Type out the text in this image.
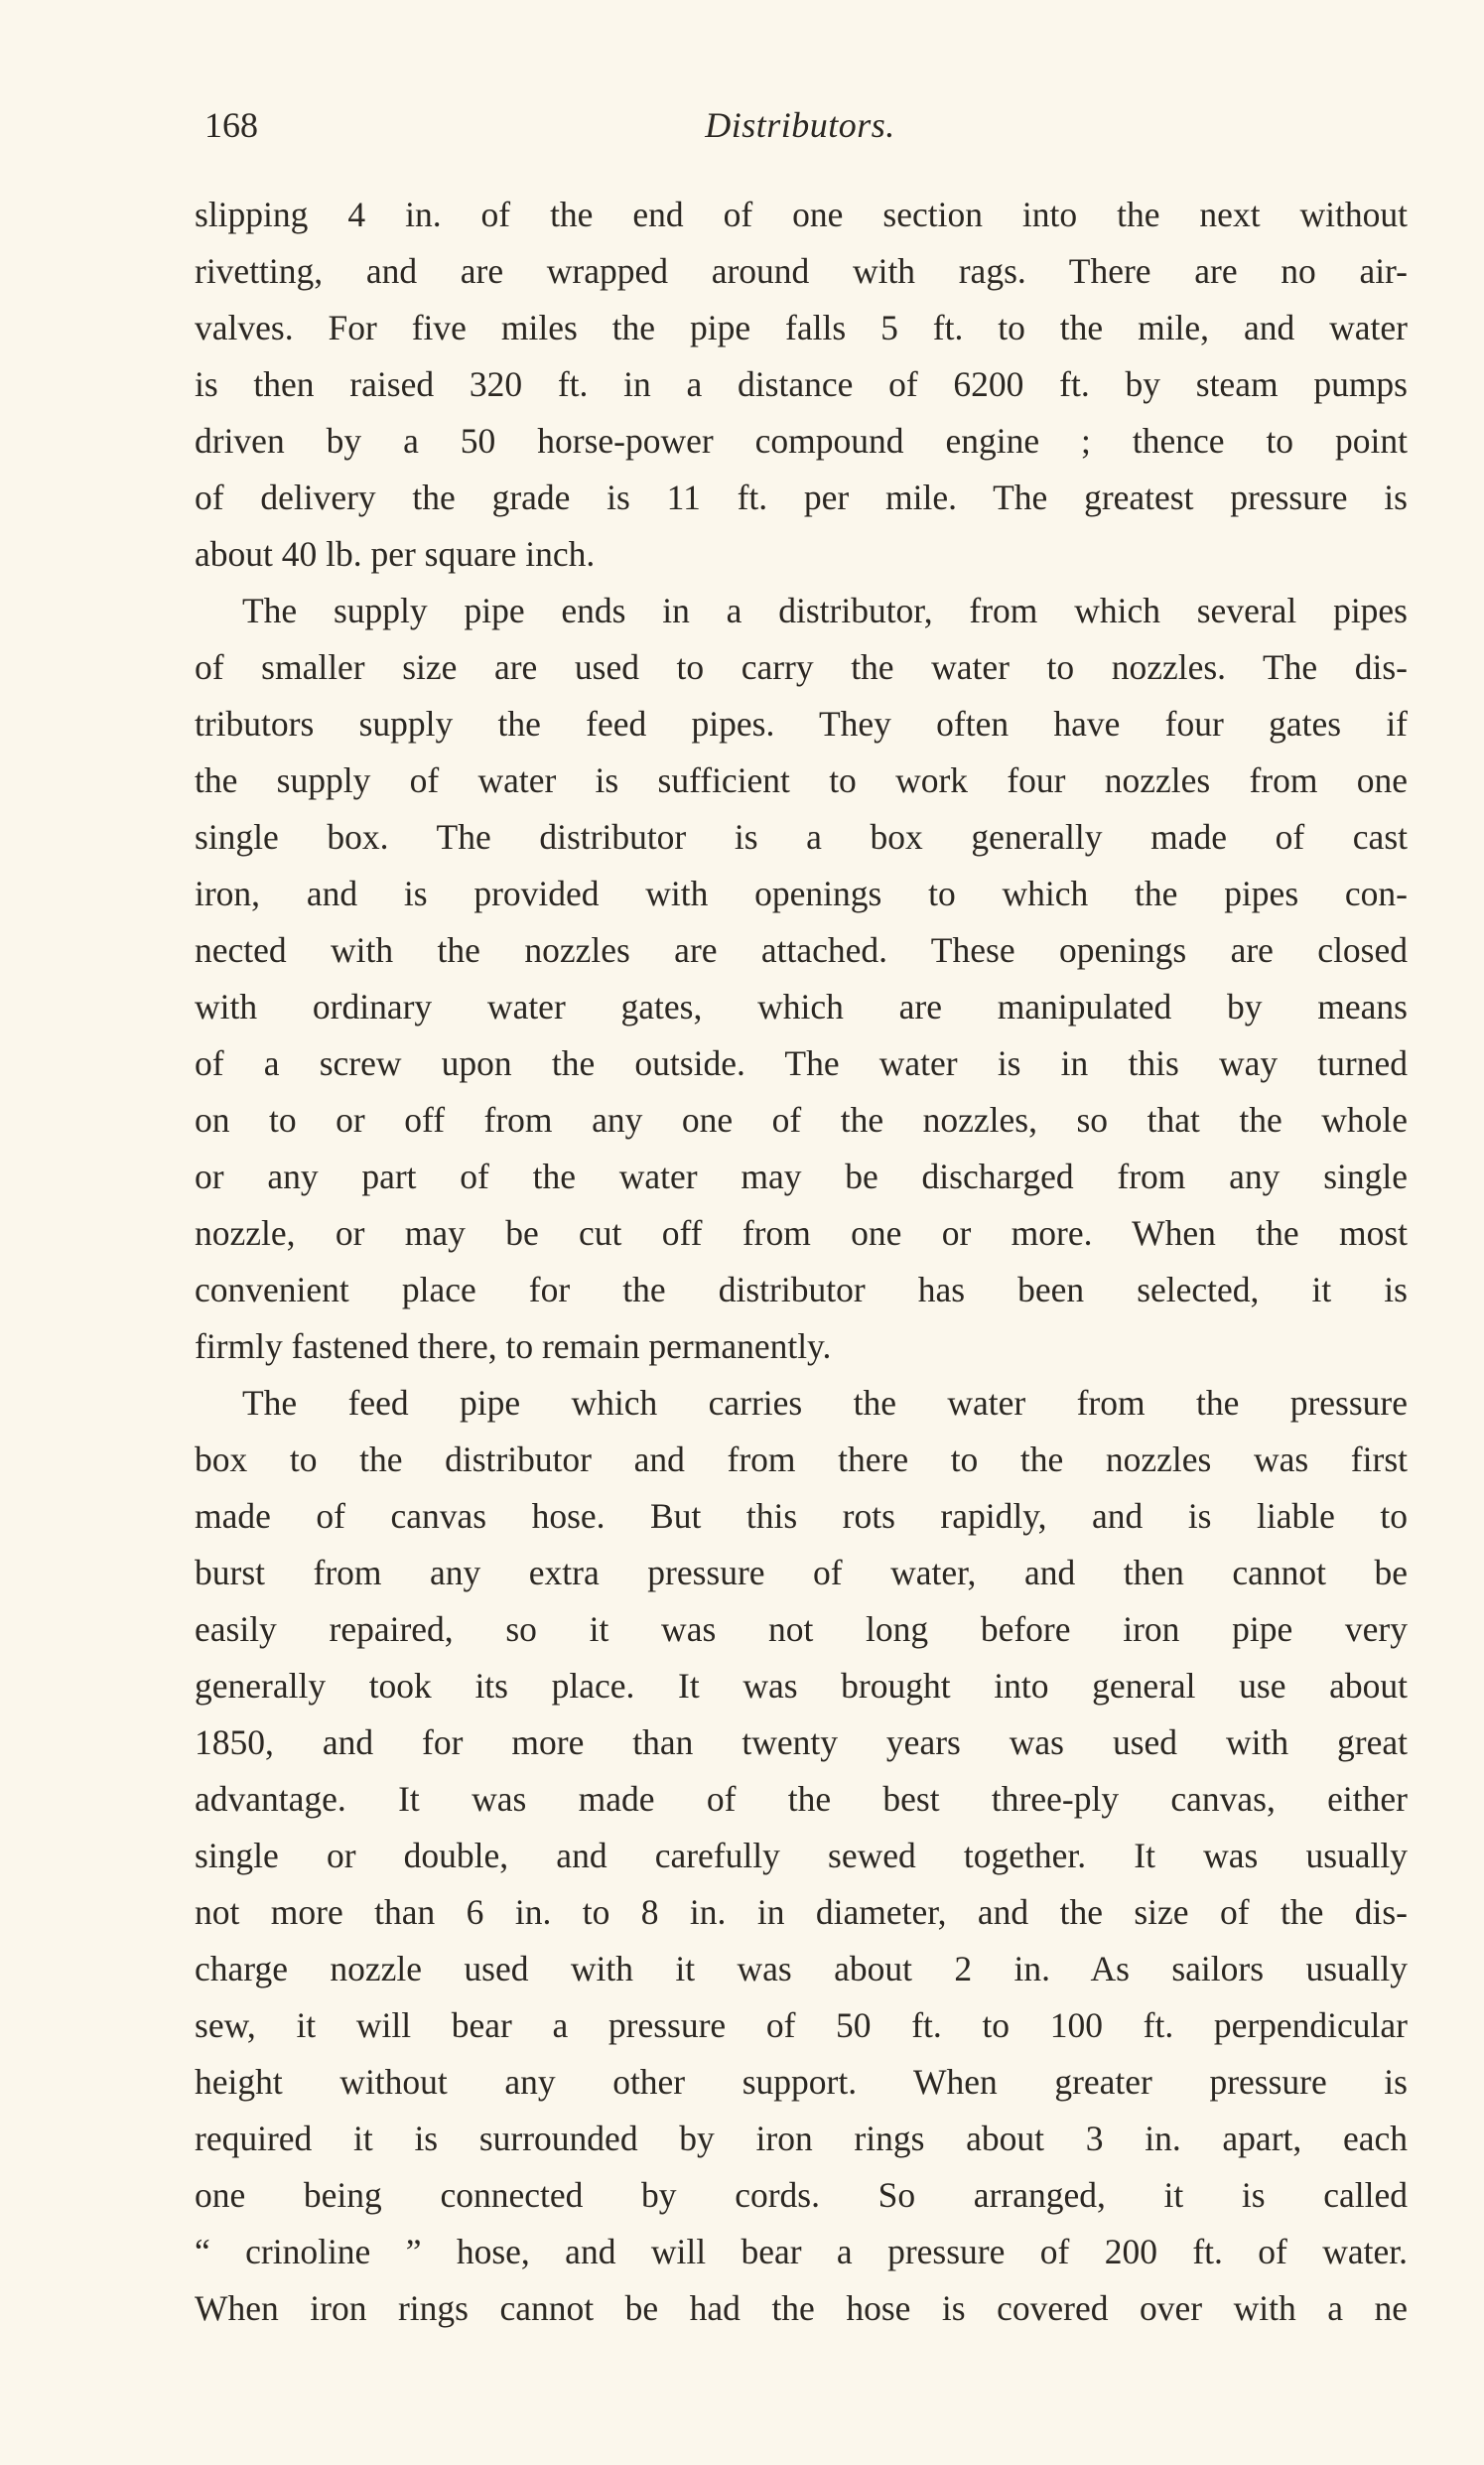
168	Distributors.
slipping 4 in. of the end of one section into the next without
rivetting, and are wrapped around with rags. There are no air-
valves. For five miles the pipe falls 5 ft. to the mile, and water
is then raised 320 ft. in a distance of 6200 ft. by steam pumps
driven by a 50 horse-power compound engine ; thence to point
of delivery the grade is 11 ft. per mile. The greatest pressure is
about 40 lb. per square inch.
The supply pipe ends in a distributor, from which several pipes
of smaller size are used to carry the water to nozzles. The dis-
tributors supply the feed pipes. They often have four gates if
the supply of water is sufficient to work four nozzles from one
single box. The distributor is a box generally made of cast
iron, and is provided with openings to which the pipes con-
nected with the nozzles are attached. These openings are closed
with ordinary water gates, which are manipulated by means
of a screw upon the outside. The water is in this way turned
on to or off from any one of the nozzles, so that the whole
or any part of the water may be discharged from any single
nozzle, or may be cut off from one or more. When the most
convenient place for the distributor has been selected, it is
firmly fastened there, to remain permanently.
The feed pipe which carries the water from the pressure
box to the distributor and from there to the nozzles was first
made of canvas hose. But this rots rapidly, and is liable to
burst from any extra pressure of water, and then cannot be
easily repaired, so it was not long before iron pipe very
generally took its place. It was brought into general use about
1850, and for more than twenty years was used with great
advantage. It was made of the best three-ply canvas, either
single or double, and carefully sewed together. It was usually
not more than 6 in. to 8 in. in diameter, and the size of the dis-
charge nozzle used with it was about 2 in. As sailors usually
sew, it will bear a pressure of 50 ft. to 100 ft. perpendicular
height without any other support. When greater pressure is
required it is surrounded by iron rings about 3 in. apart, each
one being connected by cords. So arranged, it is called
“ crinoline ” hose, and will bear a pressure of 200 ft. of water.
When iron rings cannot be had the hose is covered over with a ne
